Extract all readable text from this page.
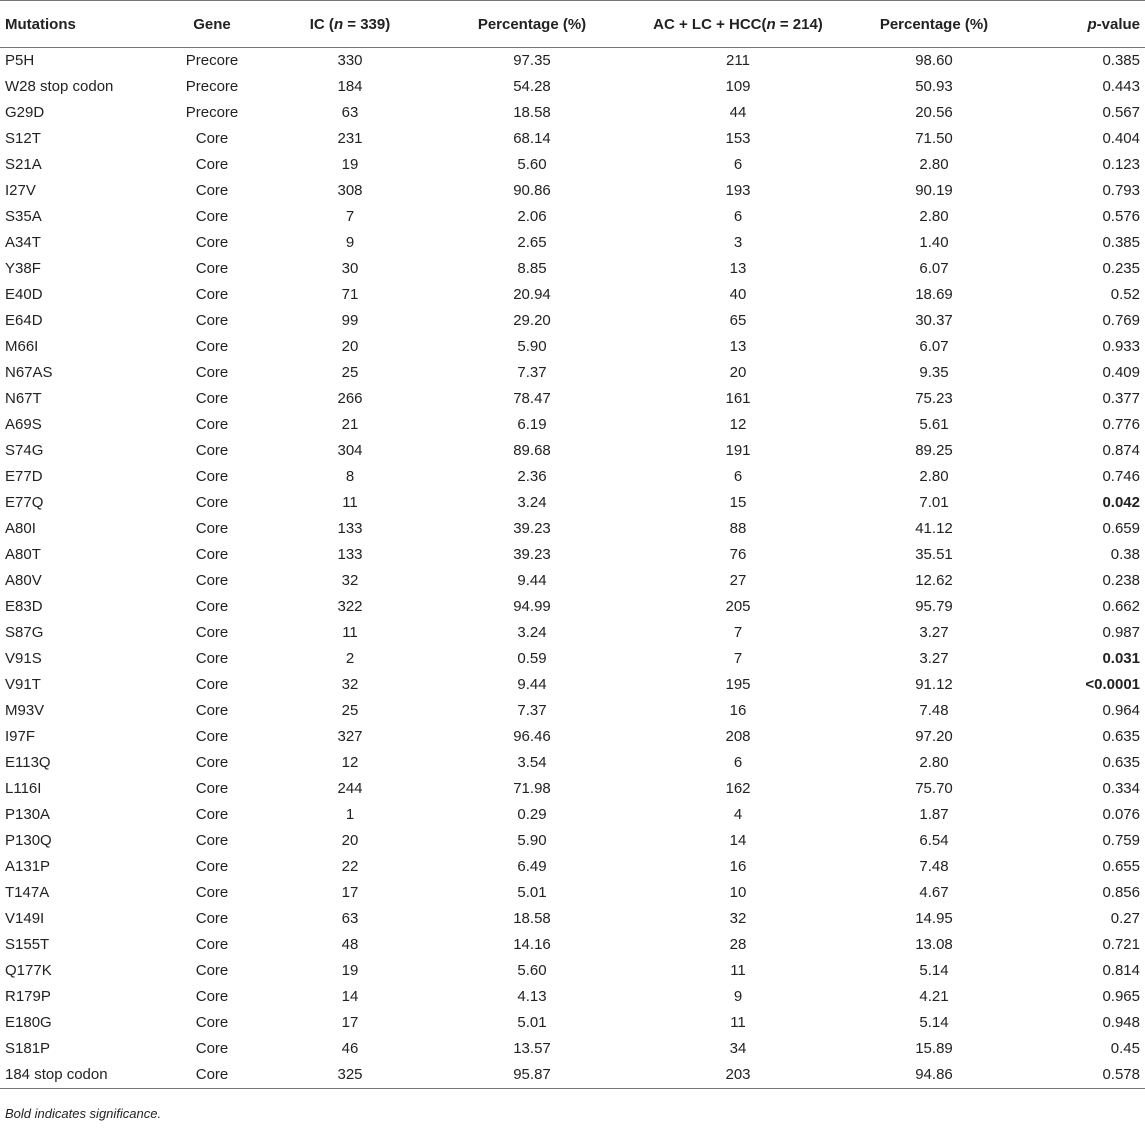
Mutations	Gene	IC (n = 339)	Percentage (%)	AC + LC + HCC(n = 214)	Percentage (%)	p-value
P5H	Precore	330	97.35	211	98.60	0.385
W28 stop codon	Precore	184	54.28	109	50.93	0.443
G29D	Precore	63	18.58	44	20.56	0.567
S12T	Core	231	68.14	153	71.50	0.404
S21A	Core	19	5.60	6	2.80	0.123
I27V	Core	308	90.86	193	90.19	0.793
S35A	Core	7	2.06	6	2.80	0.576
A34T	Core	9	2.65	3	1.40	0.385
Y38F	Core	30	8.85	13	6.07	0.235
E40D	Core	71	20.94	40	18.69	0.52
E64D	Core	99	29.20	65	30.37	0.769
M66I	Core	20	5.90	13	6.07	0.933
N67AS	Core	25	7.37	20	9.35	0.409
N67T	Core	266	78.47	161	75.23	0.377
A69S	Core	21	6.19	12	5.61	0.776
S74G	Core	304	89.68	191	89.25	0.874
E77D	Core	8	2.36	6	2.80	0.746
E77Q	Core	11	3.24	15	7.01	0.042
A80I	Core	133	39.23	88	41.12	0.659
A80T	Core	133	39.23	76	35.51	0.38
A80V	Core	32	9.44	27	12.62	0.238
E83D	Core	322	94.99	205	95.79	0.662
S87G	Core	11	3.24	7	3.27	0.987
V91S	Core	2	0.59	7	3.27	0.031
V91T	Core	32	9.44	195	91.12	<0.0001
M93V	Core	25	7.37	16	7.48	0.964
I97F	Core	327	96.46	208	97.20	0.635
E113Q	Core	12	3.54	6	2.80	0.635
L116I	Core	244	71.98	162	75.70	0.334
P130A	Core	1	0.29	4	1.87	0.076
P130Q	Core	20	5.90	14	6.54	0.759
A131P	Core	22	6.49	16	7.48	0.655
T147A	Core	17	5.01	10	4.67	0.856
V149I	Core	63	18.58	32	14.95	0.27
S155T	Core	48	14.16	28	13.08	0.721
Q177K	Core	19	5.60	11	5.14	0.814
R179P	Core	14	4.13	9	4.21	0.965
E180G	Core	17	5.01	11	5.14	0.948
S181P	Core	46	13.57	34	15.89	0.45
184 stop codon	Core	325	95.87	203	94.86	0.578
Bold indicates significance.
